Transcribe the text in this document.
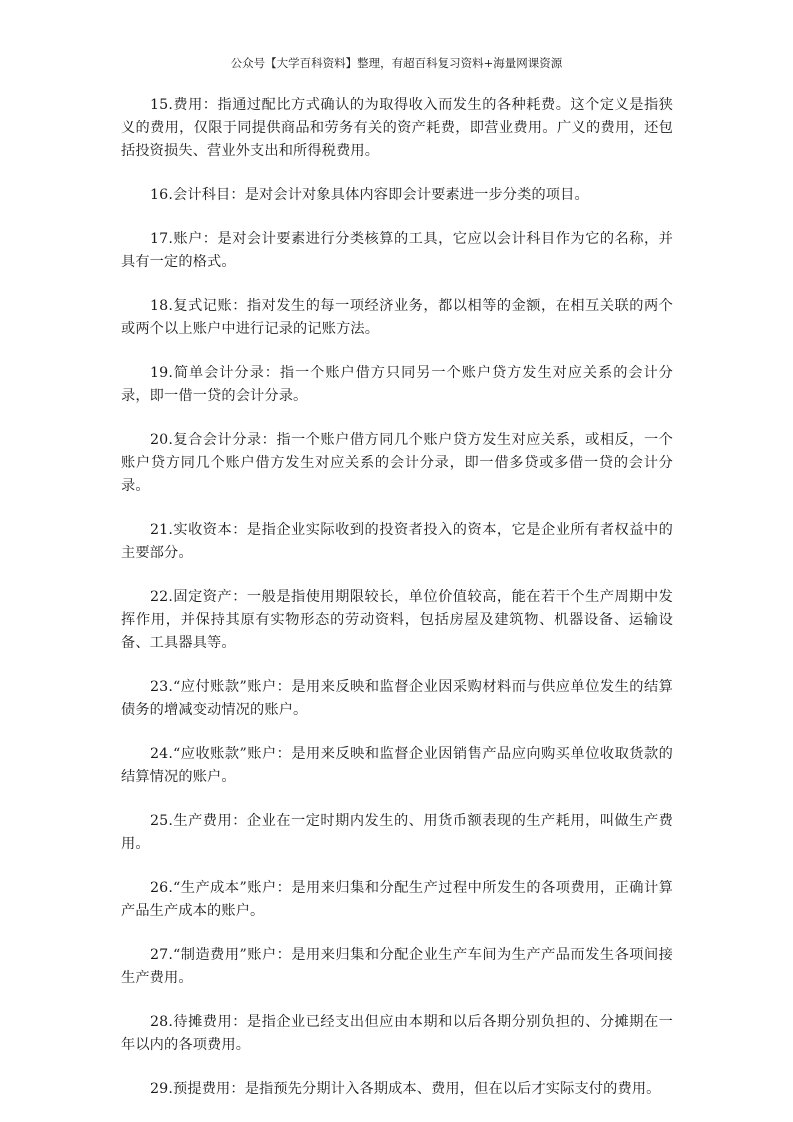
公众号【大学百科资料】整理，有超百科复习资料+海量网课资源

15.费用：指通过配比方式确认的为取得收入而发生的各种耗费。这个定义是指狭义的费用，仅限于同提供商品和劳务有关的资产耗费，即营业费用。广义的费用，还包括投资损失、营业外支出和所得税费用。

16.会计科目：是对会计对象具体内容即会计要素进一步分类的项目。

17.账户：是对会计要素进行分类核算的工具，它应以会计科目作为它的名称，并具有一定的格式。

18.复式记账：指对发生的每一项经济业务，都以相等的金额，在相互关联的两个或两个以上账户中进行记录的记账方法。

19.简单会计分录：指一个账户借方只同另一个账户贷方发生对应关系的会计分录，即一借一贷的会计分录。

20.复合会计分录：指一个账户借方同几个账户贷方发生对应关系，或相反，一个账户贷方同几个账户借方发生对应关系的会计分录，即一借多贷或多借一贷的会计分录。

21.实收资本：是指企业实际收到的投资者投入的资本，它是企业所有者权益中的主要部分。

22.固定资产：一般是指使用期限较长，单位价值较高，能在若干个生产周期中发挥作用，并保持其原有实物形态的劳动资料，包括房屋及建筑物、机器设备、运输设备、工具器具等。

23.“应付账款”账户：是用来反映和监督企业因采购材料而与供应单位发生的结算债务的增减变动情况的账户。

24.“应收账款”账户：是用来反映和监督企业因销售产品应向购买单位收取货款的结算情况的账户。

25.生产费用：企业在一定时期内发生的、用货币额表现的生产耗用，叫做生产费用。

26.“生产成本”账户：是用来归集和分配生产过程中所发生的各项费用，正确计算产品生产成本的账户。

27.“制造费用”账户：是用来归集和分配企业生产车间为生产产品而发生各项间接生产费用。

28.待摊费用：是指企业已经支出但应由本期和以后各期分别负担的、分摊期在一年以内的各项费用。

29.预提费用：是指预先分期计入各期成本、费用，但在以后才实际支付的费用。
